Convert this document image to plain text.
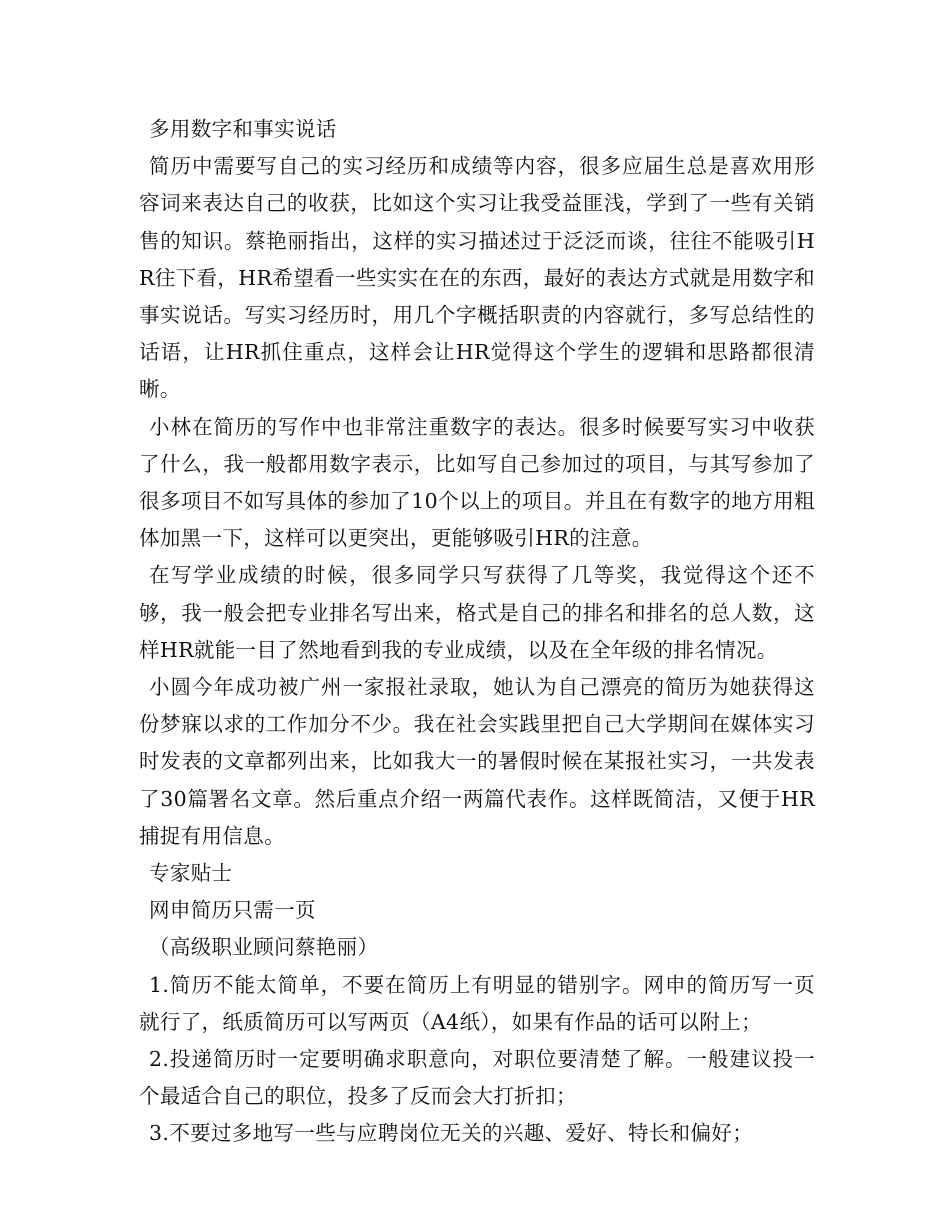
多用数字和事实说话

简历中需要写自己的实习经历和成绩等内容，很多应届生总是喜欢用形容词来表达自己的收获，比如这个实习让我受益匪浅，学到了一些有关销售的知识。蔡艳丽指出，这样的实习描述过于泛泛而谈，往往不能吸引HR往下看，HR希望看一些实实在在的东西，最好的表达方式就是用数字和事实说话。写实习经历时，用几个字概括职责的内容就行，多写总结性的话语，让HR抓住重点，这样会让HR觉得这个学生的逻辑和思路都很清晰。

小林在简历的写作中也非常注重数字的表达。很多时候要写实习中收获了什么，我一般都用数字表示，比如写自己参加过的项目，与其写参加了很多项目不如写具体的参加了10个以上的项目。并且在有数字的地方用粗体加黑一下，这样可以更突出，更能够吸引HR的注意。

在写学业成绩的时候，很多同学只写获得了几等奖，我觉得这个还不够，我一般会把专业排名写出来，格式是自己的排名和排名的总人数，这样HR就能一目了然地看到我的专业成绩，以及在全年级的排名情况。

小圆今年成功被广州一家报社录取，她认为自己漂亮的简历为她获得这份梦寐以求的工作加分不少。我在社会实践里把自己大学期间在媒体实习时发表的文章都列出来，比如我大一的暑假时候在某报社实习，一共发表了30篇署名文章。然后重点介绍一两篇代表作。这样既简洁，又便于HR捕捉有用信息。

专家贴士

网申简历只需一页

（高级职业顾问蔡艳丽）

1.简历不能太简单，不要在简历上有明显的错别字。网申的简历写一页就行了，纸质简历可以写两页（A4纸），如果有作品的话可以附上；

2.投递简历时一定要明确求职意向，对职位要清楚了解。一般建议投一个最适合自己的职位，投多了反而会大打折扣；

3.不要过多地写一些与应聘岗位无关的兴趣、爱好、特长和偏好；
